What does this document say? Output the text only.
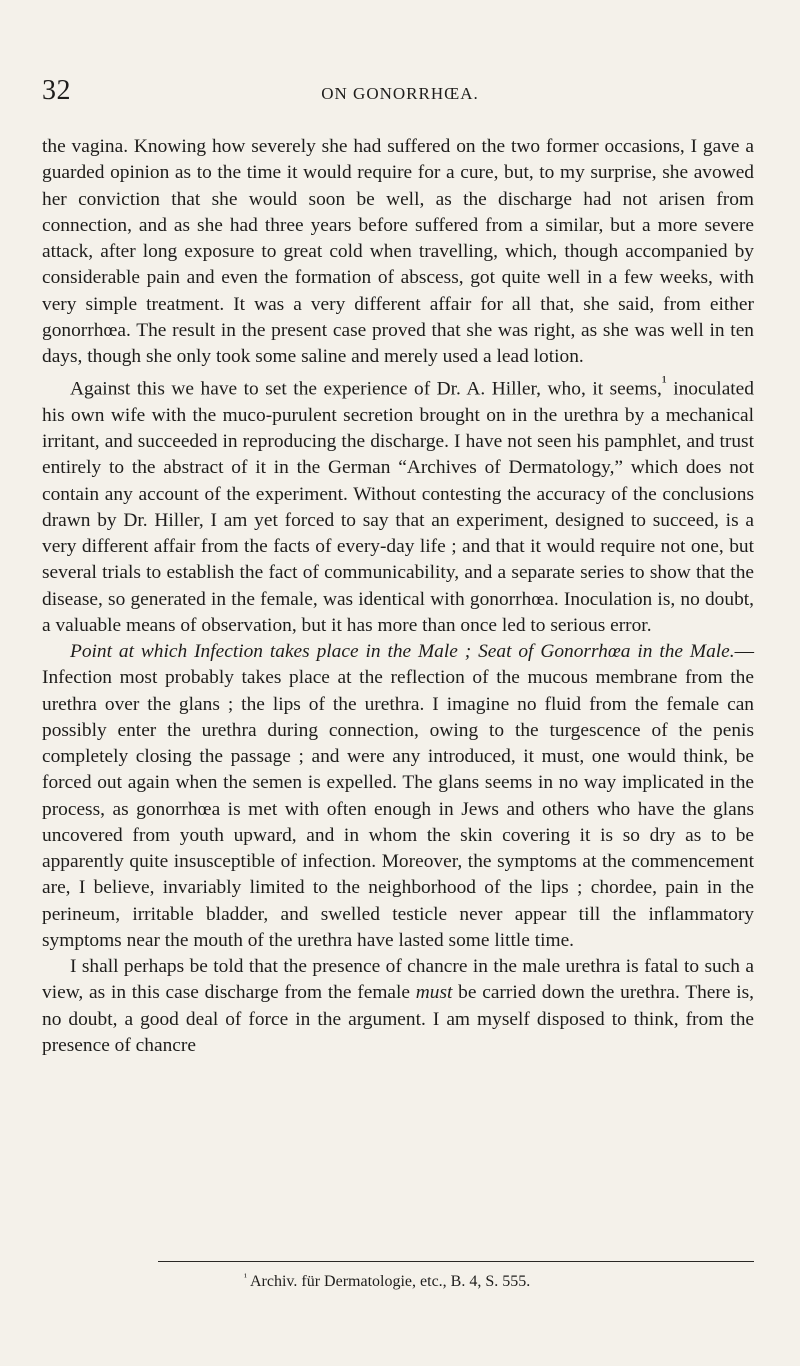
32	ON GONORRHŒA.

the vagina. Knowing how severely she had suffered on the two former occasions, I gave a guarded opinion as to the time it would require for a cure, but, to my surprise, she avowed her conviction that she would soon be well, as the discharge had not arisen from connection, and as she had three years before suffered from a similar, but a more severe attack, after long exposure to great cold when travelling, which, though accompanied by considerable pain and even the formation of abscess, got quite well in a few weeks, with very simple treatment. It was a very different affair for all that, she said, from either gonorrhœa. The result in the present case proved that she was right, as she was well in ten days, though she only took some saline and merely used a lead lotion.

Against this we have to set the experience of Dr. A. Hiller, who, it seems,$^{^1}$ inoculated his own wife with the muco-purulent secretion brought on in the urethra by a mechanical irritant, and succeeded in reproducing the discharge. I have not seen his pamphlet, and trust entirely to the abstract of it in the German “Archives of Dermatology,” which does not contain any account of the experiment. Without contesting the accuracy of the conclusions drawn by Dr. Hiller, I am yet forced to say that an experiment, designed to succeed, is a very different affair from the facts of every-day life ; and that it would require not one, but several trials to establish the fact of communicability, and a separate series to show that the disease, so generated in the female, was identical with gonorrhœa. Inoculation is, no doubt, a valuable means of observation, but it has more than once led to serious error.

Point at which Infection takes place in the Male ; Seat of Gonorrhœa in the Male.—Infection most probably takes place at the reflection of the mucous membrane from the urethra over the glans ; the lips of the urethra. I imagine no fluid from the female can possibly enter the urethra during connection, owing to the turgescence of the penis completely closing the passage ; and were any introduced, it must, one would think, be forced out again when the semen is expelled. The glans seems in no way implicated in the process, as gonorrhœa is met with often enough in Jews and others who have the glans uncovered from youth upward, and in whom the skin covering it is so dry as to be apparently quite insusceptible of infection. Moreover, the symptoms at the commencement are, I believe, invariably limited to the neighborhood of the lips ; chordee, pain in the perineum, irritable bladder, and swelled testicle never appear till the inflammatory symptoms near the mouth of the urethra have lasted some little time.

I shall perhaps be told that the presence of chancre in the male urethra is fatal to such a view, as in this case discharge from the female must be carried down the urethra. There is, no doubt, a good deal of force in the argument. I am myself disposed to think, from the presence of chancre

$^{^1}$ Archiv. für Dermatologie, etc., B. 4, S. 555.
